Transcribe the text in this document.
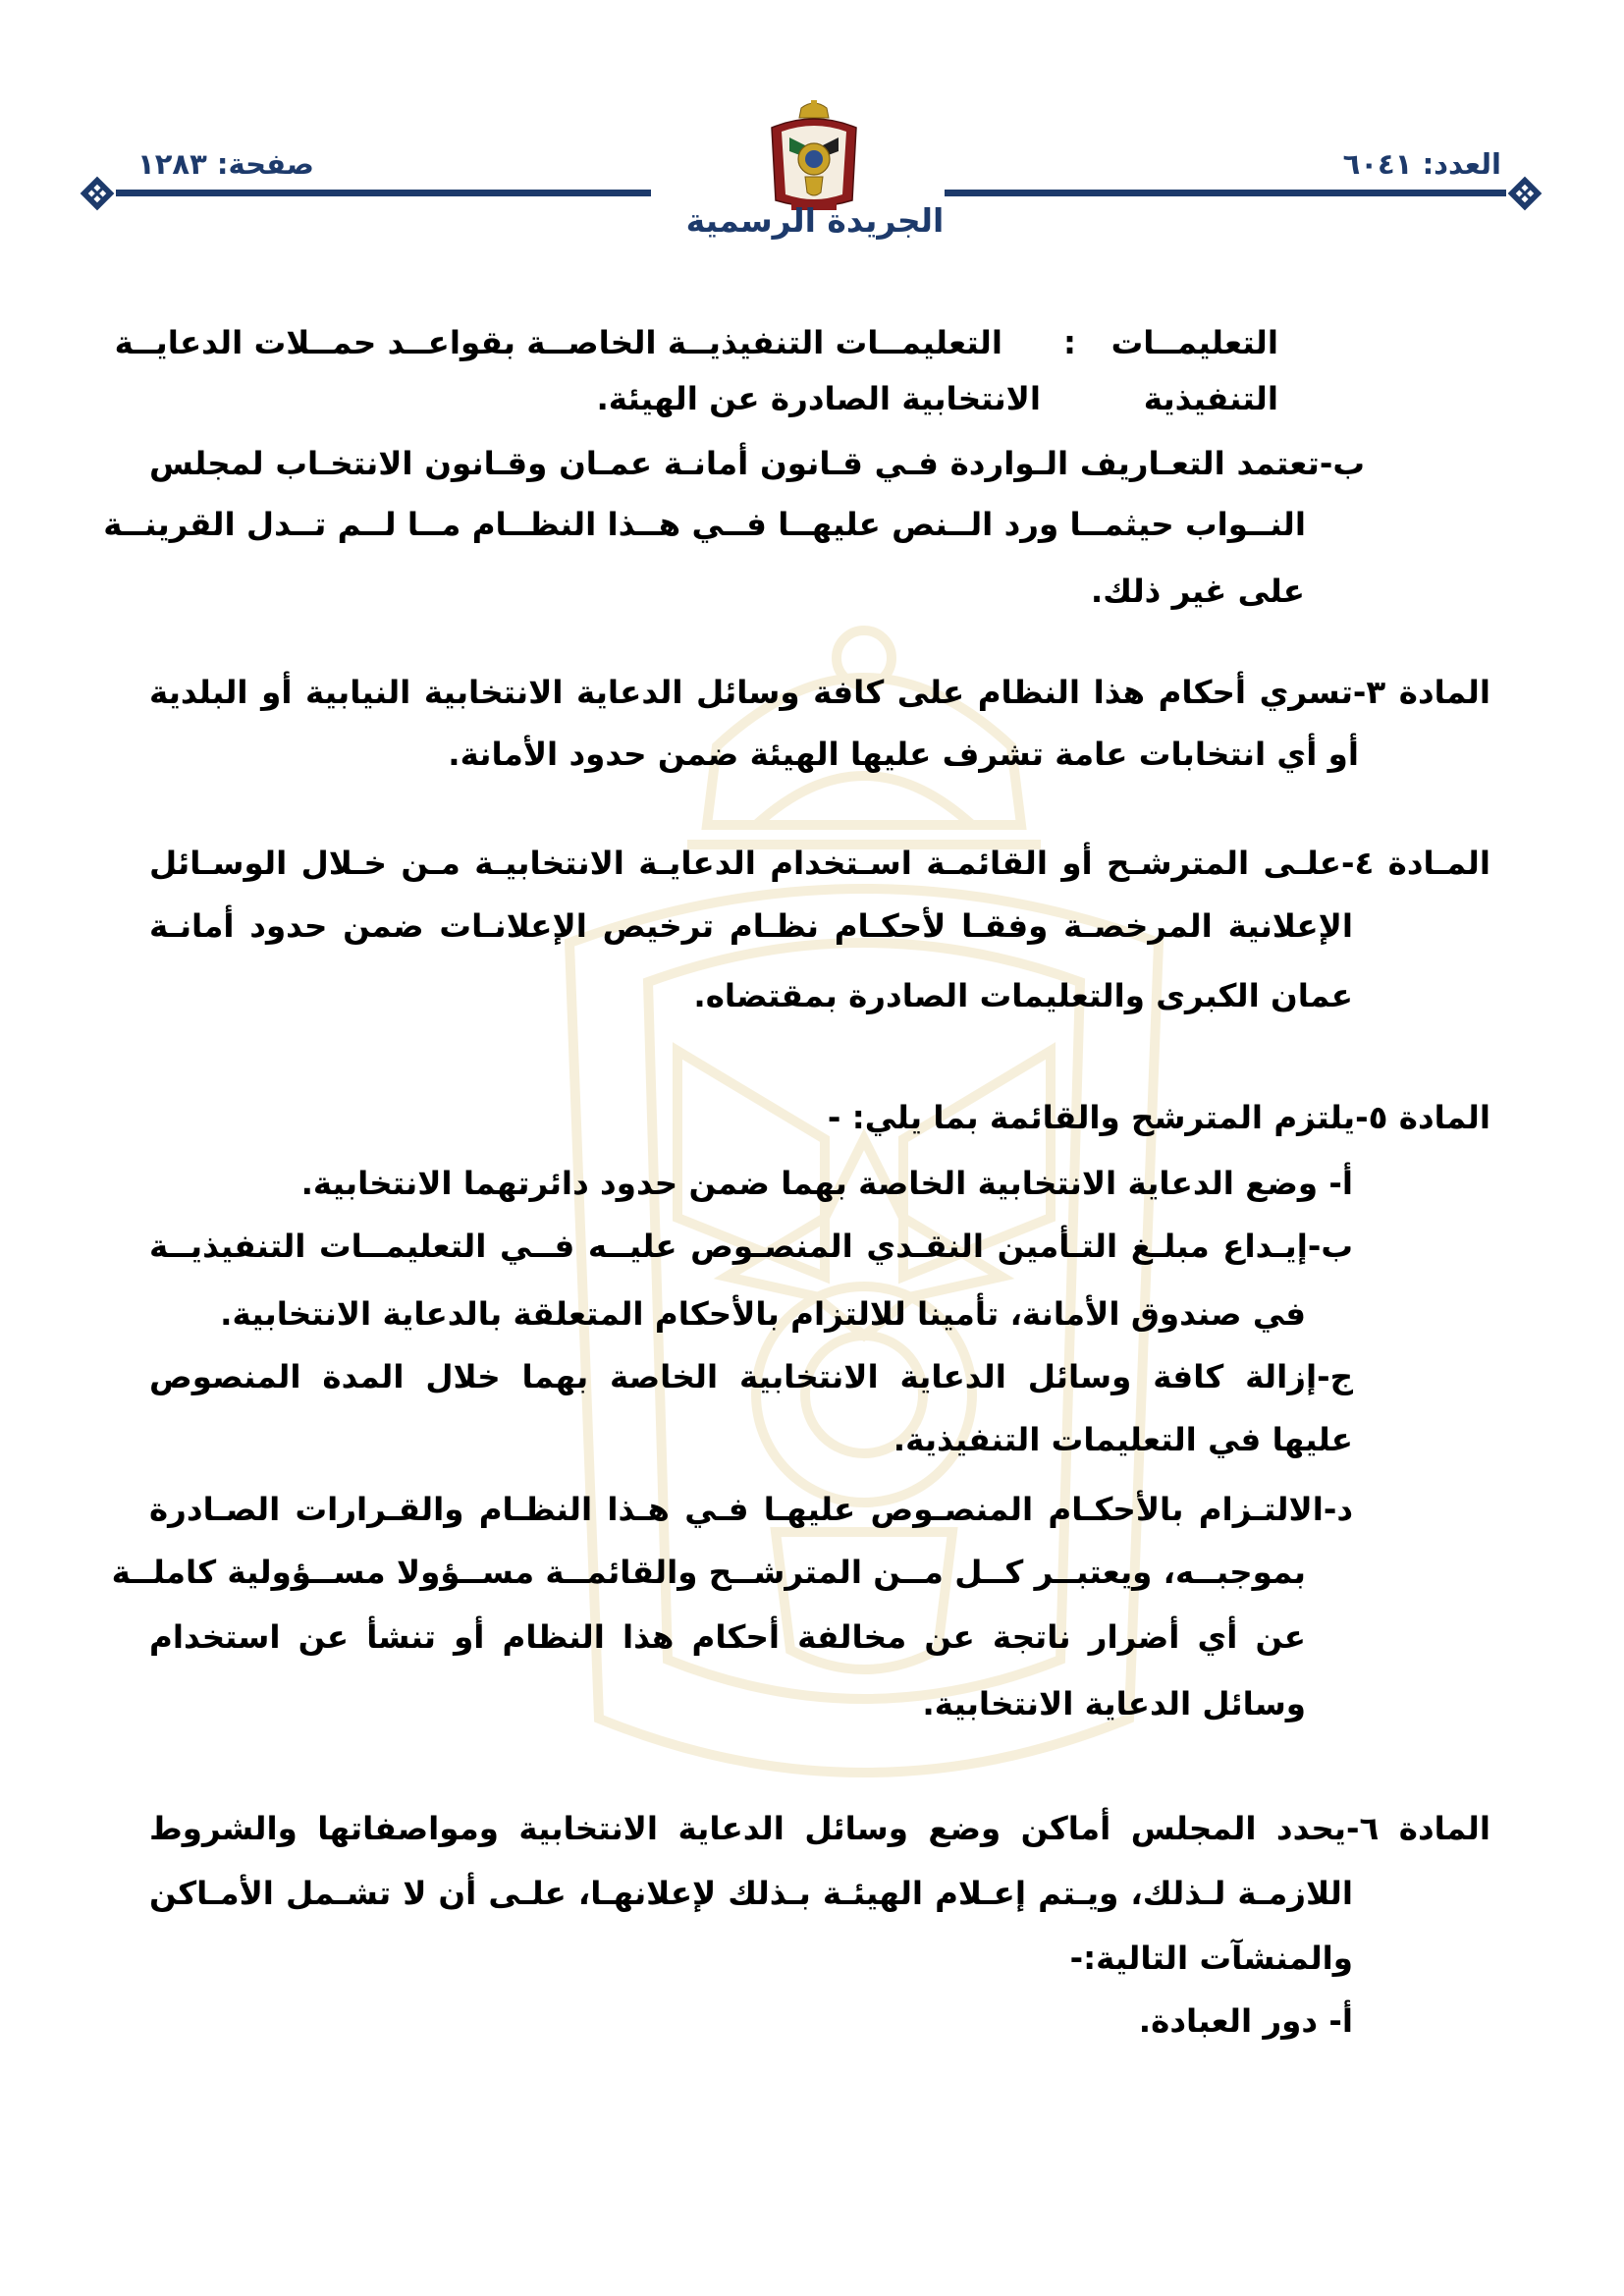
العدد: ٦٠٤١
صفحة: ١٢٨٣
الجريدة الرسمية
التعليمــات
:
التعليمــات التنفيذيــة الخاصــة بقواعــد حمــلات الدعايــة
التنفيذية
الانتخابية الصادرة عن الهيئة.
ب-تعتمد التعـاريف الـواردة فـي قـانون أمانـة عمـان وقـانون الانتخـاب لمجلس
النــواب حيثمــا ورد الــنص عليهــا فــي هــذا النظــام مــا لــم تــدل القرينــة
على غير ذلك.
المادة ٣-تسري أحكام هذا النظام على كافة وسائل الدعاية الانتخابية النيابية أو البلدية
أو أي انتخابات عامة تشرف عليها الهيئة ضمن حدود الأمانة.
المـادة ٤-علـى المترشـح أو القائمـة اسـتخدام الدعايـة الانتخابيـة مـن خـلال الوسـائل
الإعلانية المرخصـة وفقـا لأحكـام نظـام ترخيص الإعلانـات ضمن حدود أمانـة
عمان الكبرى والتعليمات الصادرة بمقتضاه.
المادة ٥-يلتزم المترشح والقائمة بما يلي: -
أ- وضع الدعاية الانتخابية الخاصة بهما ضمن حدود دائرتهما الانتخابية.
ب-إيـداع مبلـغ التـأمين النقـدي المنصـوص عليــه فــي التعليمــات التنفيذيــة
في صندوق الأمانة، تأمينا للالتزام بالأحكام المتعلقة بالدعاية الانتخابية.
ج-إزالة كافة وسائل الدعاية الانتخابية الخاصة بهما خلال المدة المنصوص
عليها في التعليمات التنفيذية.
د-الالتـزام بالأحكـام المنصـوص عليهـا فـي هـذا النظـام والقـرارات الصـادرة
بموجبــه، ويعتبــر كــل مــن المترشــح والقائمــة مســؤولا مســؤولية كاملــة
عن أي أضرار ناتجة عن مخالفة أحكام هذا النظام أو تنشأ عن استخدام
وسائل الدعاية الانتخابية.
المادة ٦-يحدد المجلس أماكن وضع وسائل الدعاية الانتخابية ومواصفاتها والشروط
اللازمـة لـذلك، ويـتم إعـلام الهيئـة بـذلك لإعلانهـا، علـى أن لا تشـمل الأمـاكن
والمنشآت التالية:-
أ- دور العبادة.
